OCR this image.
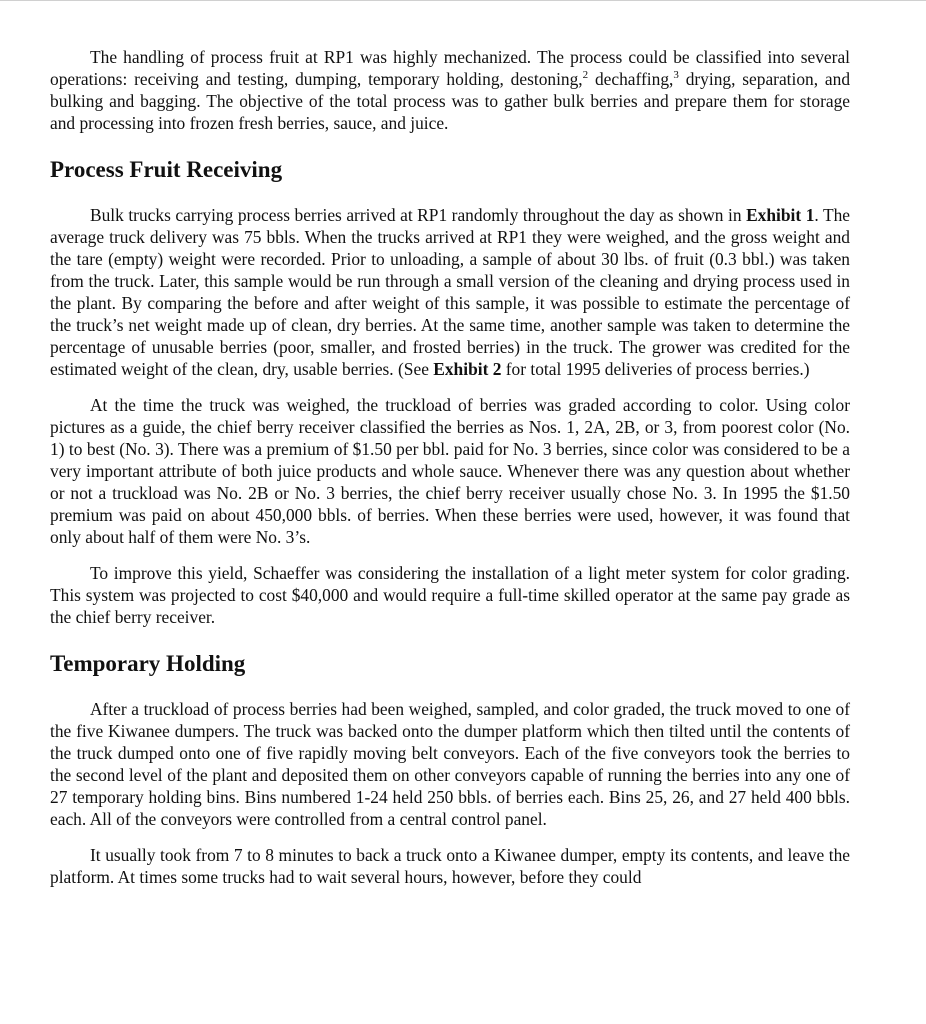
The handling of process fruit at RP1 was highly mechanized. The process could be classified into several operations: receiving and testing, dumping, temporary holding, destoning,$^2$ dechaffing,$^3$ drying, separation, and bulking and bagging. The objective of the total process was to gather bulk berries and prepare them for storage and processing into frozen fresh berries, sauce, and juice.

Process Fruit Receiving

Bulk trucks carrying process berries arrived at RP1 randomly throughout the day as shown in Exhibit 1. The average truck delivery was 75 bbls. When the trucks arrived at RP1 they were weighed, and the gross weight and the tare (empty) weight were recorded. Prior to unloading, a sample of about 30 lbs. of fruit (0.3 bbl.) was taken from the truck. Later, this sample would be run through a small version of the cleaning and drying process used in the plant. By comparing the before and after weight of this sample, it was possible to estimate the percentage of the truck’s net weight made up of clean, dry berries. At the same time, another sample was taken to determine the percentage of unusable berries (poor, smaller, and frosted berries) in the truck. The grower was credited for the estimated weight of the clean, dry, usable berries. (See Exhibit 2 for total 1995 deliveries of process berries.)

At the time the truck was weighed, the truckload of berries was graded according to color. Using color pictures as a guide, the chief berry receiver classified the berries as Nos. 1, 2A, 2B, or 3, from poorest color (No. 1) to best (No. 3). There was a premium of $1.50 per bbl. paid for No. 3 berries, since color was considered to be a very important attribute of both juice products and whole sauce. Whenever there was any question about whether or not a truckload was No. 2B or No. 3 berries, the chief berry receiver usually chose No. 3. In 1995 the $1.50 premium was paid on about 450,000 bbls. of berries. When these berries were used, however, it was found that only about half of them were No. 3’s.

To improve this yield, Schaeffer was considering the installation of a light meter system for color grading. This system was projected to cost $40,000 and would require a full-time skilled operator at the same pay grade as the chief berry receiver.

Temporary Holding

After a truckload of process berries had been weighed, sampled, and color graded, the truck moved to one of the five Kiwanee dumpers. The truck was backed onto the dumper platform which then tilted until the contents of the truck dumped onto one of five rapidly moving belt conveyors. Each of the five conveyors took the berries to the second level of the plant and deposited them on other conveyors capable of running the berries into any one of 27 temporary holding bins. Bins numbered 1-24 held 250 bbls. of berries each. Bins 25, 26, and 27 held 400 bbls. each. All of the conveyors were controlled from a central control panel.

It usually took from 7 to 8 minutes to back a truck onto a Kiwanee dumper, empty its contents, and leave the platform. At times some trucks had to wait several hours, however, before they could
